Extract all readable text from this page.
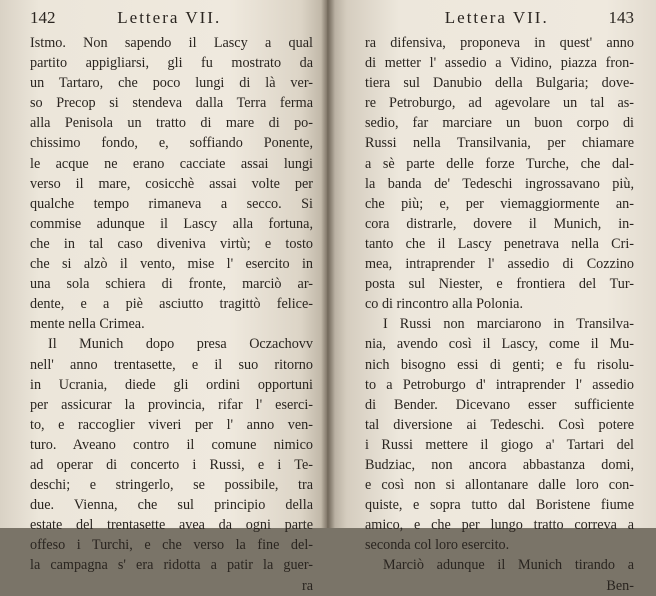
142	Lettera VII.
Istmo. Non sapendo il Lascy a qual
partito appigliarsi, gli fu mostrato da
un Tartaro, che poco lungi di là ver-
so Precop si stendeva dalla Terra ferma
alla Penisola un tratto di mare di po-
chissimo fondo, e, soffiando Ponente,
le acque ne erano cacciate assai lungi
verso il mare, cosicchè assai volte per
qualche tempo rimaneva a secco. Si
commise adunque il Lascy alla fortuna,
che in tal caso diveniva virtù; e tosto
che si alzò il vento, mise l' esercito in
una sola schiera di fronte, marciò ar-
dente, e a piè asciutto tragittò felice-
mente nella Crimea.
Il Munich dopo presa Oczachovv
nell' anno trentasette, e il suo ritorno
in Ucrania, diede gli ordini opportuni
per assicurar la provincia, rifar l' eserci-
to, e raccoglier viveri per l' anno ven-
turo. Aveano contro il comune nimico
ad operar di concerto i Russi, e i Te-
deschi; e stringerlo, se possibile, tra
due. Vienna, che sul principio della
estate del trentasette avea da ogni parte
offeso i Turchi, e che verso la fine del-
la campagna s' era ridotta a patir la guer-
ra
Lettera VII.	143
ra difensiva, proponeva in quest' anno
di metter l' assedio a Vidino, piazza fron-
tiera sul Danubio della Bulgaria; dove-
re Petroburgo, ad agevolare un tal as-
sedio, far marciare un buon corpo di
Russi nella Transilvania, per chiamare
a sè parte delle forze Turche, che dal-
la banda de' Tedeschi ingrossavano più,
che più; e, per viemaggiormente an-
cora distrarle, dovere il Munich, in-
tanto che il Lascy penetrava nella Cri-
mea, intraprender l' assedio di Cozzino
posta sul Niester, e frontiera del Tur-
co di rincontro alla Polonia.
I Russi non marciarono in Transilva-
nia, avendo così il Lascy, come il Mu-
nich bisogno essi di genti; e fu risolu-
to a Petroburgo d' intraprender l' assedio
di Bender. Dicevano esser sufficiente
tal diversione ai Tedeschi. Così potere
i Russi mettere il giogo a' Tartari del
Budziac, non ancora abbastanza domi,
e così non si allontanare dalle loro con-
quiste, e sopra tutto dal Boristene fiume
amico, e che per lungo tratto correva a
seconda col loro esercito.
Marciò adunque il Munich tirando a
Ben-
